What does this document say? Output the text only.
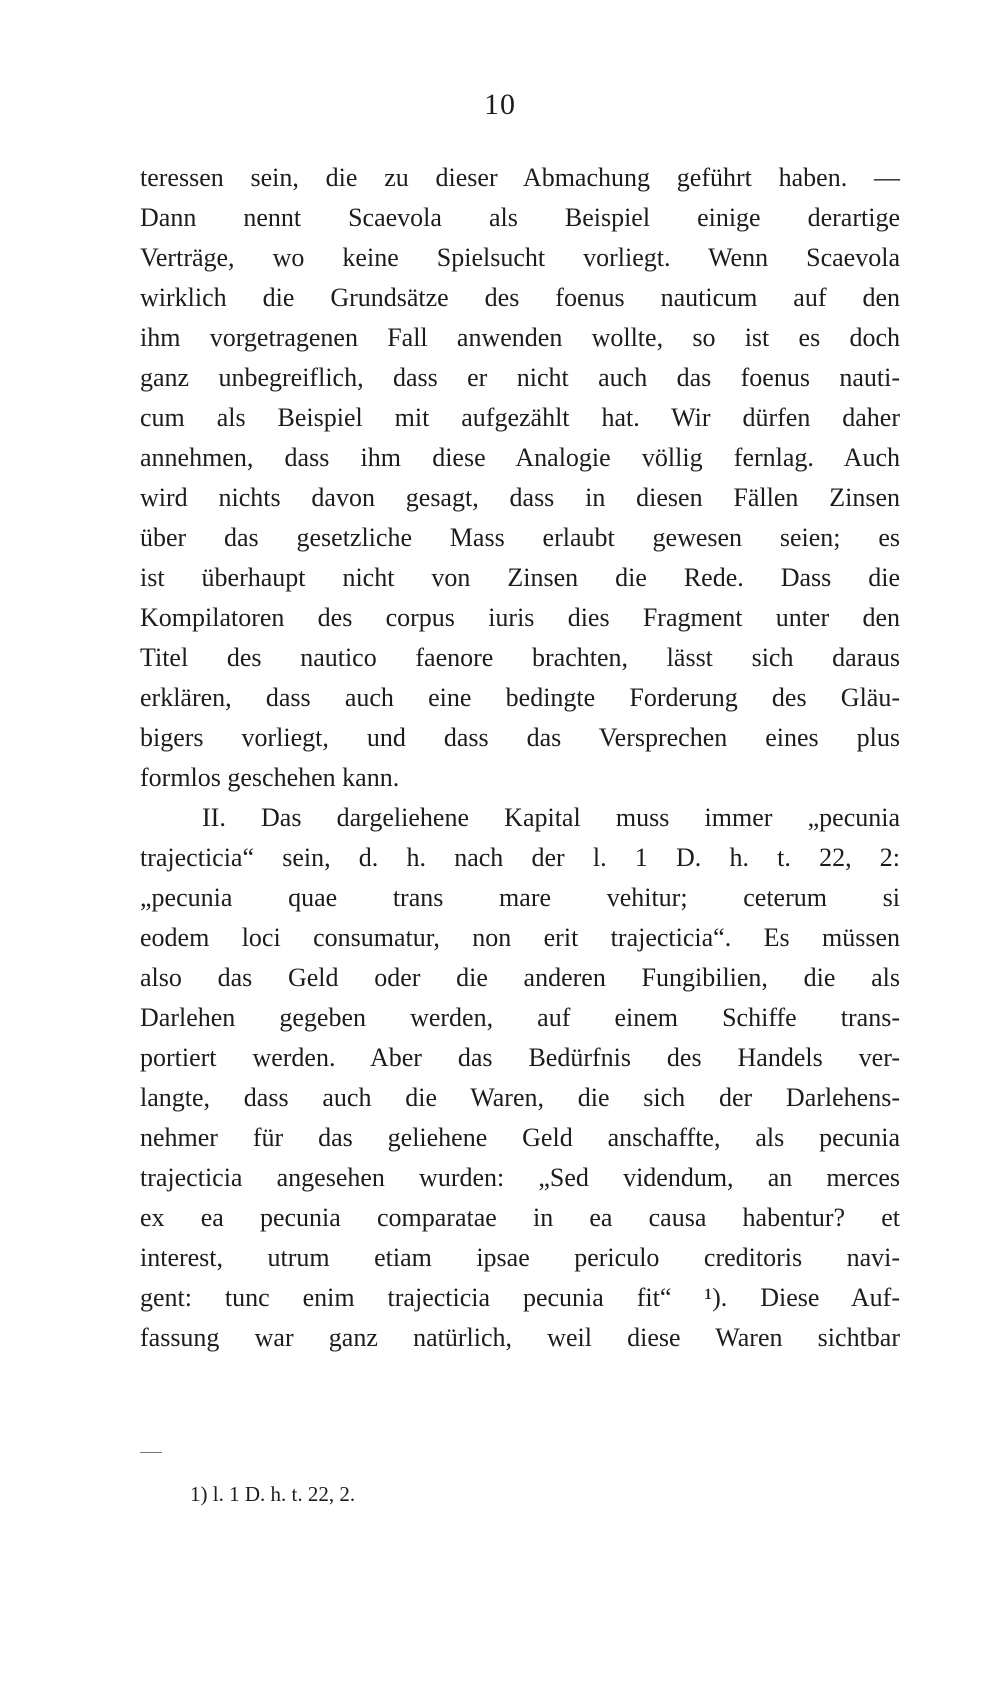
10
teressen sein, die zu dieser Abmachung geführt haben. —
Dann nennt Scaevola als Beispiel einige derartige
Verträge, wo keine Spielsucht vorliegt. Wenn Scaevola
wirklich die Grundsätze des foenus nauticum auf den
ihm vorgetragenen Fall anwenden wollte, so ist es doch
ganz unbegreiflich, dass er nicht auch das foenus nauti-
cum als Beispiel mit aufgezählt hat. Wir dürfen daher
annehmen, dass ihm diese Analogie völlig fernlag. Auch
wird nichts davon gesagt, dass in diesen Fällen Zinsen
über das gesetzliche Mass erlaubt gewesen seien; es
ist überhaupt nicht von Zinsen die Rede. Dass die
Kompilatoren des corpus iuris dies Fragment unter den
Titel des nautico faenore brachten, lässt sich daraus
erklären, dass auch eine bedingte Forderung des Gläu-
bigers vorliegt, und dass das Versprechen eines plus
formlos geschehen kann.
II. Das dargeliehene Kapital muss immer „pecunia
trajecticia“ sein, d. h. nach der l. 1 D. h. t. 22, 2:
„pecunia quae trans mare vehitur; ceterum si
eodem loci consumatur, non erit trajecticia“. Es müssen
also das Geld oder die anderen Fungibilien, die als
Darlehen gegeben werden, auf einem Schiffe trans-
portiert werden. Aber das Bedürfnis des Handels ver-
langte, dass auch die Waren, die sich der Darlehens-
nehmer für das geliehene Geld anschaffte, als pecunia
trajecticia angesehen wurden: „Sed videndum, an merces
ex ea pecunia comparatae in ea causa habentur? et
interest, utrum etiam ipsae periculo creditoris navi-
gent: tunc enim trajecticia pecunia fit“ ¹). Diese Auf-
fassung war ganz natürlich, weil diese Waren sichtbar
1) l. 1 D. h. t. 22, 2.
